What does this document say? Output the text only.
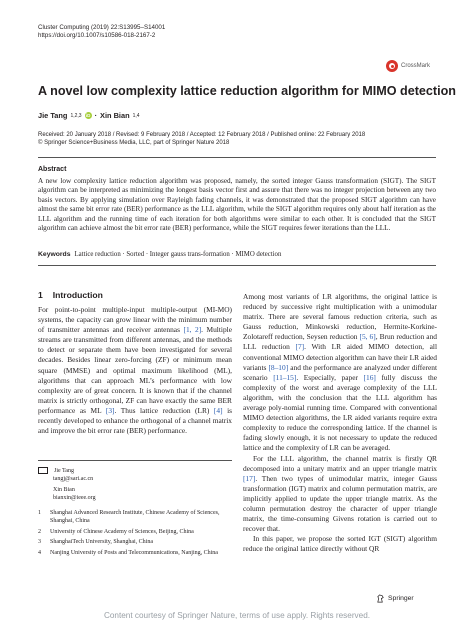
Cluster Computing (2019) 22:S13995–S14001
https://doi.org/10.1007/s10586-018-2167-2
CrossMark
A novel low complexity lattice reduction algorithm for MIMO detection
Jie Tang 1,2,3 iD · Xin Bian 1,4
Received: 20 January 2018 / Revised: 9 February 2018 / Accepted: 12 February 2018 / Published online: 22 February 2018
© Springer Science+Business Media, LLC, part of Springer Nature 2018
Abstract
A new low complexity lattice reduction algorithm was proposed, namely, the sorted integer Gauss transformation (SIGT). The SIGT algorithm can be interpreted as minimizing the longest basis vector first and assure that there was no integer projection between any two basis vectors. By applying simulation over Rayleigh fading channels, it was demonstrated that the proposed SIGT algorithm can have almost the same bit error rate (BER) performance as the LLL algorithm, while the SIGT algorithm requires only about half iteration as the LLL algorithm and the running time of each iteration for both algorithms were similar to each other. It is concluded that the SIGT algorithm can achieve almost the bit error rate (BER) performance, while the SIGT requires fewer iterations than the LLL.
Keywords Lattice reduction · Sorted · Integer gauss trans-formation · MIMO detection
1 Introduction

For point-to-point multiple-input multiple-output (MI-MO) systems, the capacity can grow linear with the minimum number of transmitter antennas and receiver antennas [1, 2]. Multiple streams are transmitted from different antennas, and the methods to detect or separate them have been investigated for several decades. Besides linear zero-forcing (ZF) or minimum mean square (MMSE) and optimal maximum likelihood (ML), algorithms that can approach ML’s performance with low complexity are of great concern. It is known that if the channel matrix is strictly orthogonal, ZF can have exactly the same BER performance as ML [3]. Thus lattice reduction (LR) [4] is recently developed to enhance the orthogonal of a channel matrix and improve the bit error rate (BER) performance.

Among most variants of LR algorithms, the original lattice is reduced by successive right multiplication with a unimodular matrix. There are several famous reduction criteria, such as Gauss reduction, Minkowski reduction, Hermite-Korkine-Zolotareff reduction, Seysen reduction [5, 6], Brun reduction and LLL reduction [7]. With LR aided MIMO detection, all conventional MIMO detection algorithm can have their LR aided variants [8–10] and the performance are analyzed under different scenario [11–15]. Especially, paper [16] fully discuss the complexity of the worst and average complexity of the LLL algorithm, with the conclusion that the LLL algorithm has average poly-nomial running time. Compared with conventional MIMO detection algorithms, the LR aided variants require extra complexity to reduce the corresponding lattice. If the channel is fading slowly enough, it is not necessary to update the reduced lattice and the complexity of LR can be averaged.

For the LLL algorithm, the channel matrix is firstly QR decomposed into a unitary matrix and an upper triangle matrix [17]. Then two types of unimodular matrix, integer Gauss transformation (IGT) matrix and column permutation matrix, are implicitly applied to update the upper triangle matrix. As the column permutation destroy the character of upper triangle matrix, the time-consuming Givens rotation is carried out to recover that.

In this paper, we propose the sorted IGT (SIGT) algorithm reduce the original lattice directly without QR

Jie Tang
tangj@sari.ac.cn
Xin Bian
bianxin@ieee.org
1 Shanghai Advanced Research Institute, Chinese Academy of Sciences, Shanghai, China
2 University of Chinese Academy of Sciences, Beijing, China
3 ShanghaiTech University, Shanghai, China
4 Nanjing University of Posts and Telecommunications, Nanjing, China
Springer
Content courtesy of Springer Nature, terms of use apply. Rights reserved.
